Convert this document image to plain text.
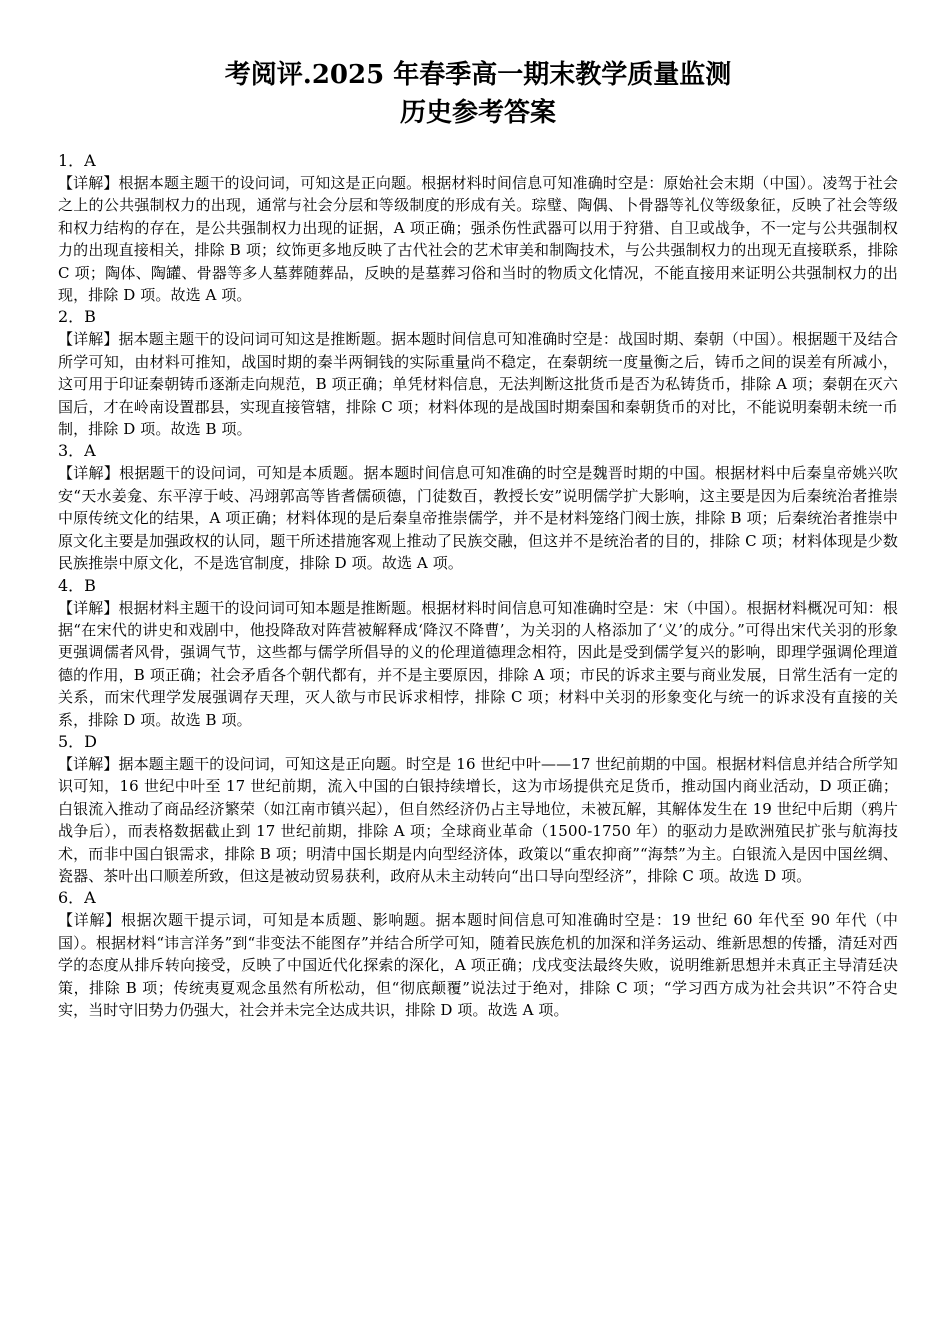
考阅评.2025 年春季高一期末教学质量监测
历史参考答案

1．A

【详解】根据本题主题干的设问词，可知这是正向题。根据材料时间信息可知准确时空是：原始社会末期（中国）。凌驾于社会之上的公共强制权力的出现，通常与社会分层和等级制度的形成有关。琮璧、陶偶、卜骨器等礼仪等级象征，反映了社会等级和权力结构的存在，是公共强制权力出现的证据，A 项正确；强杀伤性武器可以用于狩猎、自卫或战争，不一定与公共强制权力的出现直接相关，排除 B 项；纹饰更多地反映了古代社会的艺术审美和制陶技术，与公共强制权力的出现无直接联系，排除 C 项；陶体、陶罐、骨器等多人墓葬随葬品，反映的是墓葬习俗和当时的物质文化情况，不能直接用来证明公共强制权力的出现，排除 D 项。故选 A 项。

2．B

【详解】据本题主题干的设问词可知这是推断题。据本题时间信息可知准确时空是：战国时期、秦朝（中国）。根据题干及结合所学可知，由材料可推知，战国时期的秦半两铜钱的实际重量尚不稳定，在秦朝统一度量衡之后，铸币之间的误差有所减小，这可用于印证秦朝铸币逐渐走向规范，B 项正确；单凭材料信息，无法判断这批货币是否为私铸货币，排除 A 项；秦朝在灭六国后，才在岭南设置郡县，实现直接管辖，排除 C 项；材料体现的是战国时期秦国和秦朝货币的对比，不能说明秦朝未统一币制，排除 D 项。故选 B 项。

3．A

【详解】根据题干的设问词，可知是本质题。据本题时间信息可知准确的时空是魏晋时期的中国。根据材料中后秦皇帝姚兴吹安“天水姜龛、东平淳于岐、冯翊郭高等皆耆儒硕德，门徒数百，教授长安”说明儒学扩大影响，这主要是因为后秦统治者推崇中原传统文化的结果，A 项正确；材料体现的是后秦皇帝推崇儒学，并不是材料笼络门阀士族，排除 B 项；后秦统治者推崇中原文化主要是加强政权的认同，题干所述措施客观上推动了民族交融，但这并不是统治者的目的，排除 C 项；材料体现是少数民族推崇中原文化，不是选官制度，排除 D 项。故选 A 项。

4．B

【详解】根据材料主题干的设问词可知本题是推断题。根据材料时间信息可知准确时空是：宋（中国）。根据材料概况可知：根据“在宋代的讲史和戏剧中，他投降敌对阵营被解释成‘降汉不降曹’，为关羽的人格添加了‘义’的成分。”可得出宋代关羽的形象更强调儒者风骨，强调气节，这些都与儒学所倡导的义的伦理道德理念相符，因此是受到儒学复兴的影响，即理学强调伦理道德的作用，B 项正确；社会矛盾各个朝代都有，并不是主要原因，排除 A 项；市民的诉求主要与商业发展，日常生活有一定的关系，而宋代理学发展强调存天理，灭人欲与市民诉求相悖，排除 C 项；材料中关羽的形象变化与统一的诉求没有直接的关系，排除 D 项。故选 B 项。

5．D

【详解】据本题主题干的设问词，可知这是正向题。时空是 16 世纪中叶——17 世纪前期的中国。根据材料信息并结合所学知识可知，16 世纪中叶至 17 世纪前期，流入中国的白银持续增长，这为市场提供充足货币，推动国内商业活动，D 项正确；白银流入推动了商品经济繁荣（如江南市镇兴起），但自然经济仍占主导地位，未被瓦解，其解体发生在 19 世纪中后期（鸦片战争后），而表格数据截止到 17 世纪前期，排除 A 项；全球商业革命（1500-1750 年）的驱动力是欧洲殖民扩张与航海技术，而非中国白银需求，排除 B 项；明清中国长期是内向型经济体，政策以“重农抑商”“海禁”为主。白银流入是因中国丝绸、瓷器、茶叶出口顺差所致，但这是被动贸易获利，政府从未主动转向“出口导向型经济”，排除 C 项。故选 D 项。

6．A

【详解】根据次题干提示词，可知是本质题、影响题。据本题时间信息可知准确时空是：19 世纪 60 年代至 90 年代（中国）。根据材料“讳言洋务”到“非变法不能图存”并结合所学可知，随着民族危机的加深和洋务运动、维新思想的传播，清廷对西学的态度从排斥转向接受，反映了中国近代化探索的深化，A 项正确；戊戌变法最终失败，说明维新思想并未真正主导清廷决策，排除 B 项；传统夷夏观念虽然有所松动，但“彻底颠覆”说法过于绝对，排除 C 项；“学习西方成为社会共识”不符合史实，当时守旧势力仍强大，社会并未完全达成共识，排除 D 项。故选 A 项。
